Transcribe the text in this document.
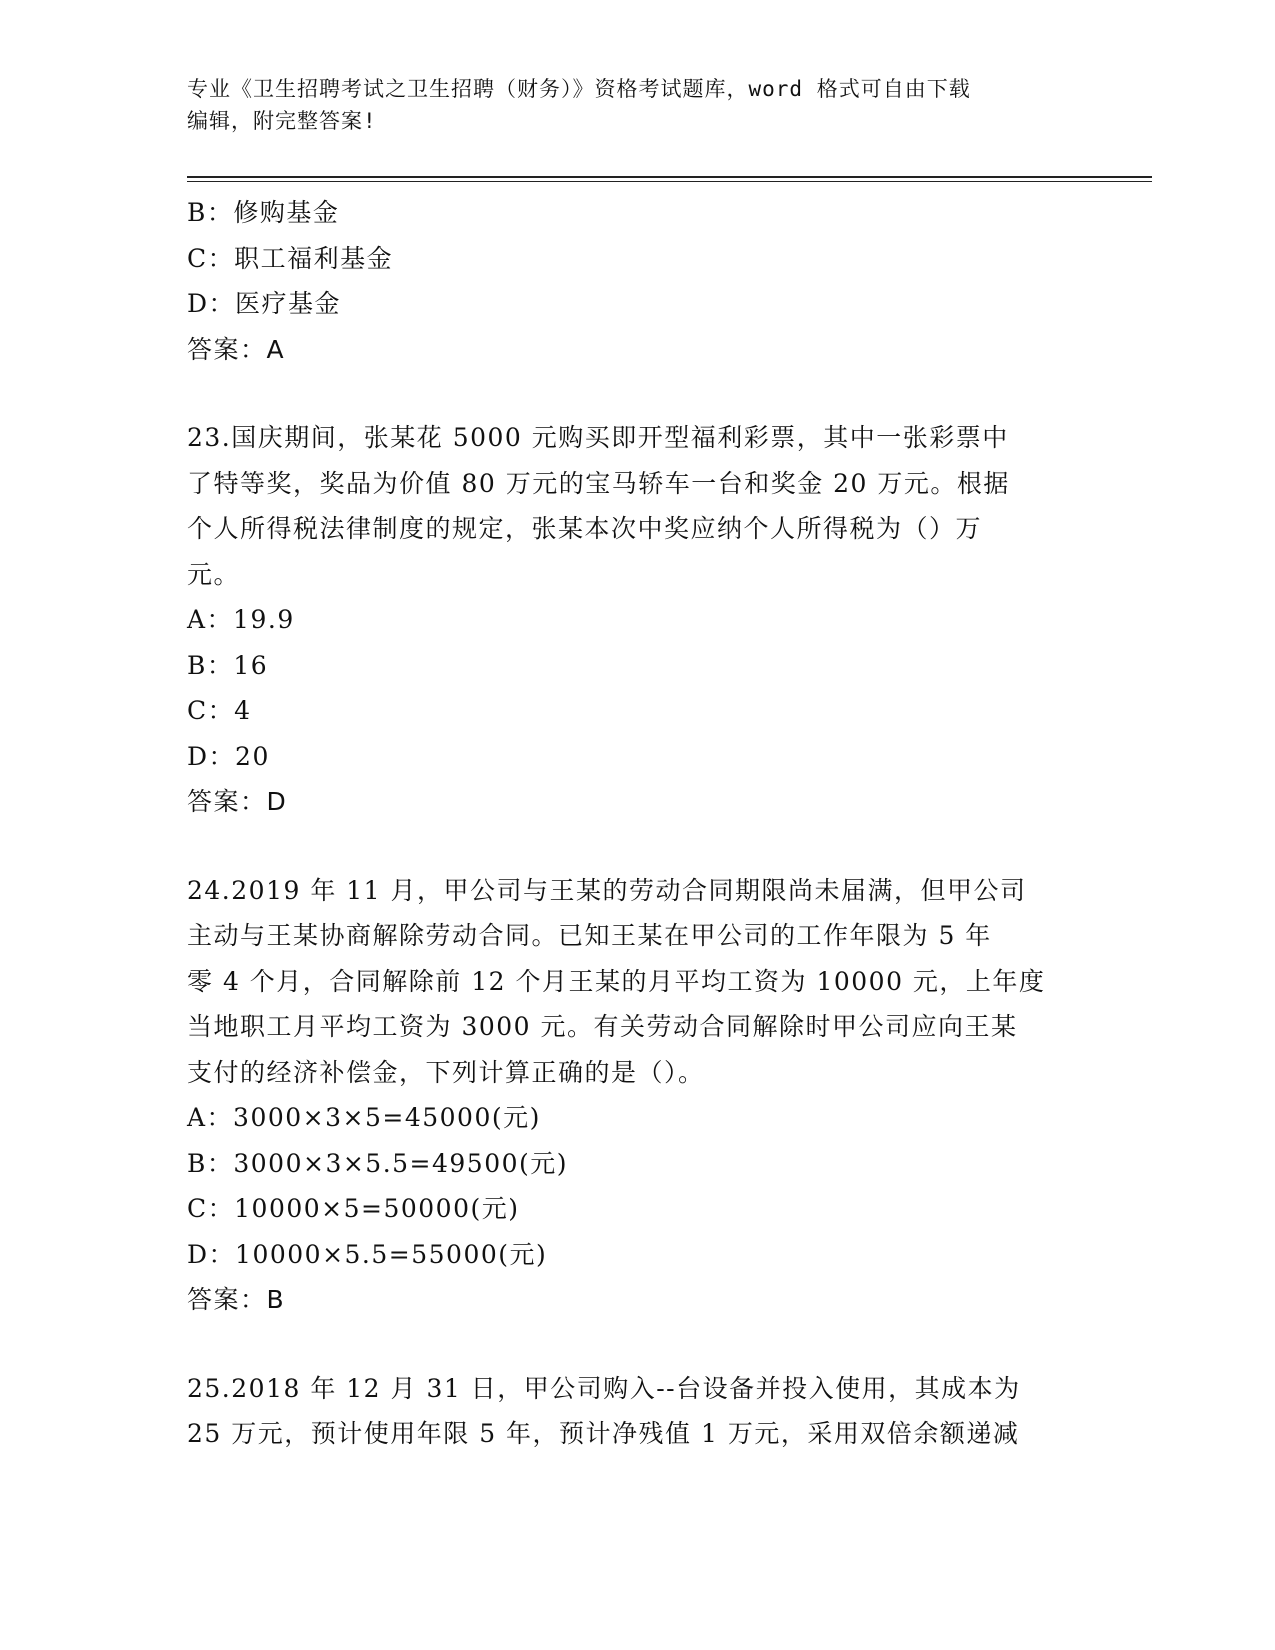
专业《卫生招聘考试之卫生招聘（财务）》资格考试题库，word 格式可自由下载
编辑，附完整答案!
B：修购基金
C：职工福利基金
D：医疗基金
答案：A
23.国庆期间，张某花 5000 元购买即开型福利彩票，其中一张彩票中
了特等奖，奖品为价值 80 万元的宝马轿车一台和奖金 20 万元。根据
个人所得税法律制度的规定，张某本次中奖应纳个人所得税为（）万
元。
A：19.9
B：16
C：4
D：20
答案：D
24.2019 年 11 月，甲公司与王某的劳动合同期限尚未届满，但甲公司
主动与王某协商解除劳动合同。已知王某在甲公司的工作年限为 5 年
零 4 个月，合同解除前 12 个月王某的月平均工资为 10000 元，上年度
当地职工月平均工资为 3000 元。有关劳动合同解除时甲公司应向王某
支付的经济补偿金，下列计算正确的是（）。
A：3000×3×5=45000(元)
B：3000×3×5.5=49500(元)
C：10000×5=50000(元)
D：10000×5.5=55000(元)
答案：B
25.2018 年 12 月 31 日，甲公司购入--台设备并投入使用，其成本为
25 万元，预计使用年限 5 年，预计净残值 1 万元，采用双倍余额递减
